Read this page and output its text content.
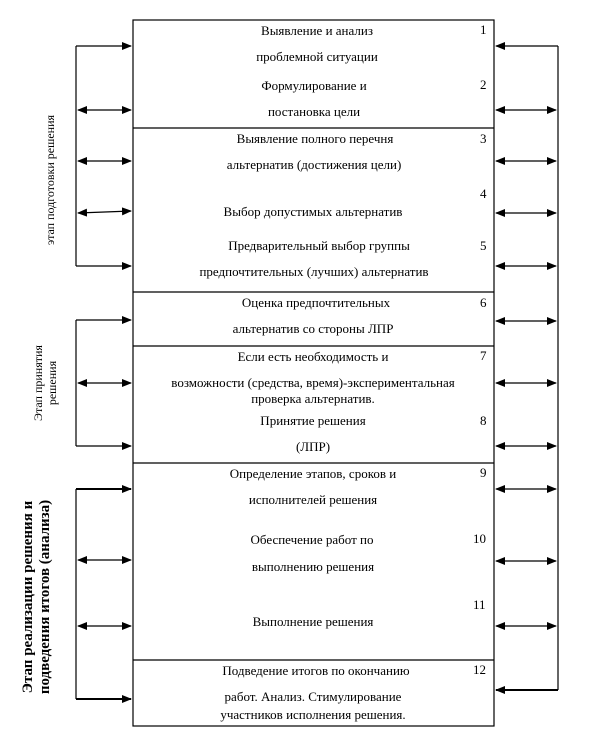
этап подготовки решения
Этап принятия решения
Этап реализации решения и подведения итогов (анализа)
Выявление и анализ
проблемной ситуации
1
Формулирование и
постановка цели
2
Выявление полного перечня
альтернатив (достижения цели)
3
Выбор допустимых альтернатив
4
Предварительный выбор группы
предпочтительных (лучших) альтернатив
5
Оценка предпочтительных
альтернатив со стороны ЛПР
6
Если есть необходимость и
возможности (средства, время)-экспериментальная
проверка альтернатив.
7
Принятие решения
(ЛПР)
8
Определение этапов, сроков и
исполнителей решения
9
Обеспечение работ по
выполнению решения
10
Выполнение решения
11
Подведение итогов по окончанию
работ. Анализ. Стимулирование
участников исполнения решения.
12
